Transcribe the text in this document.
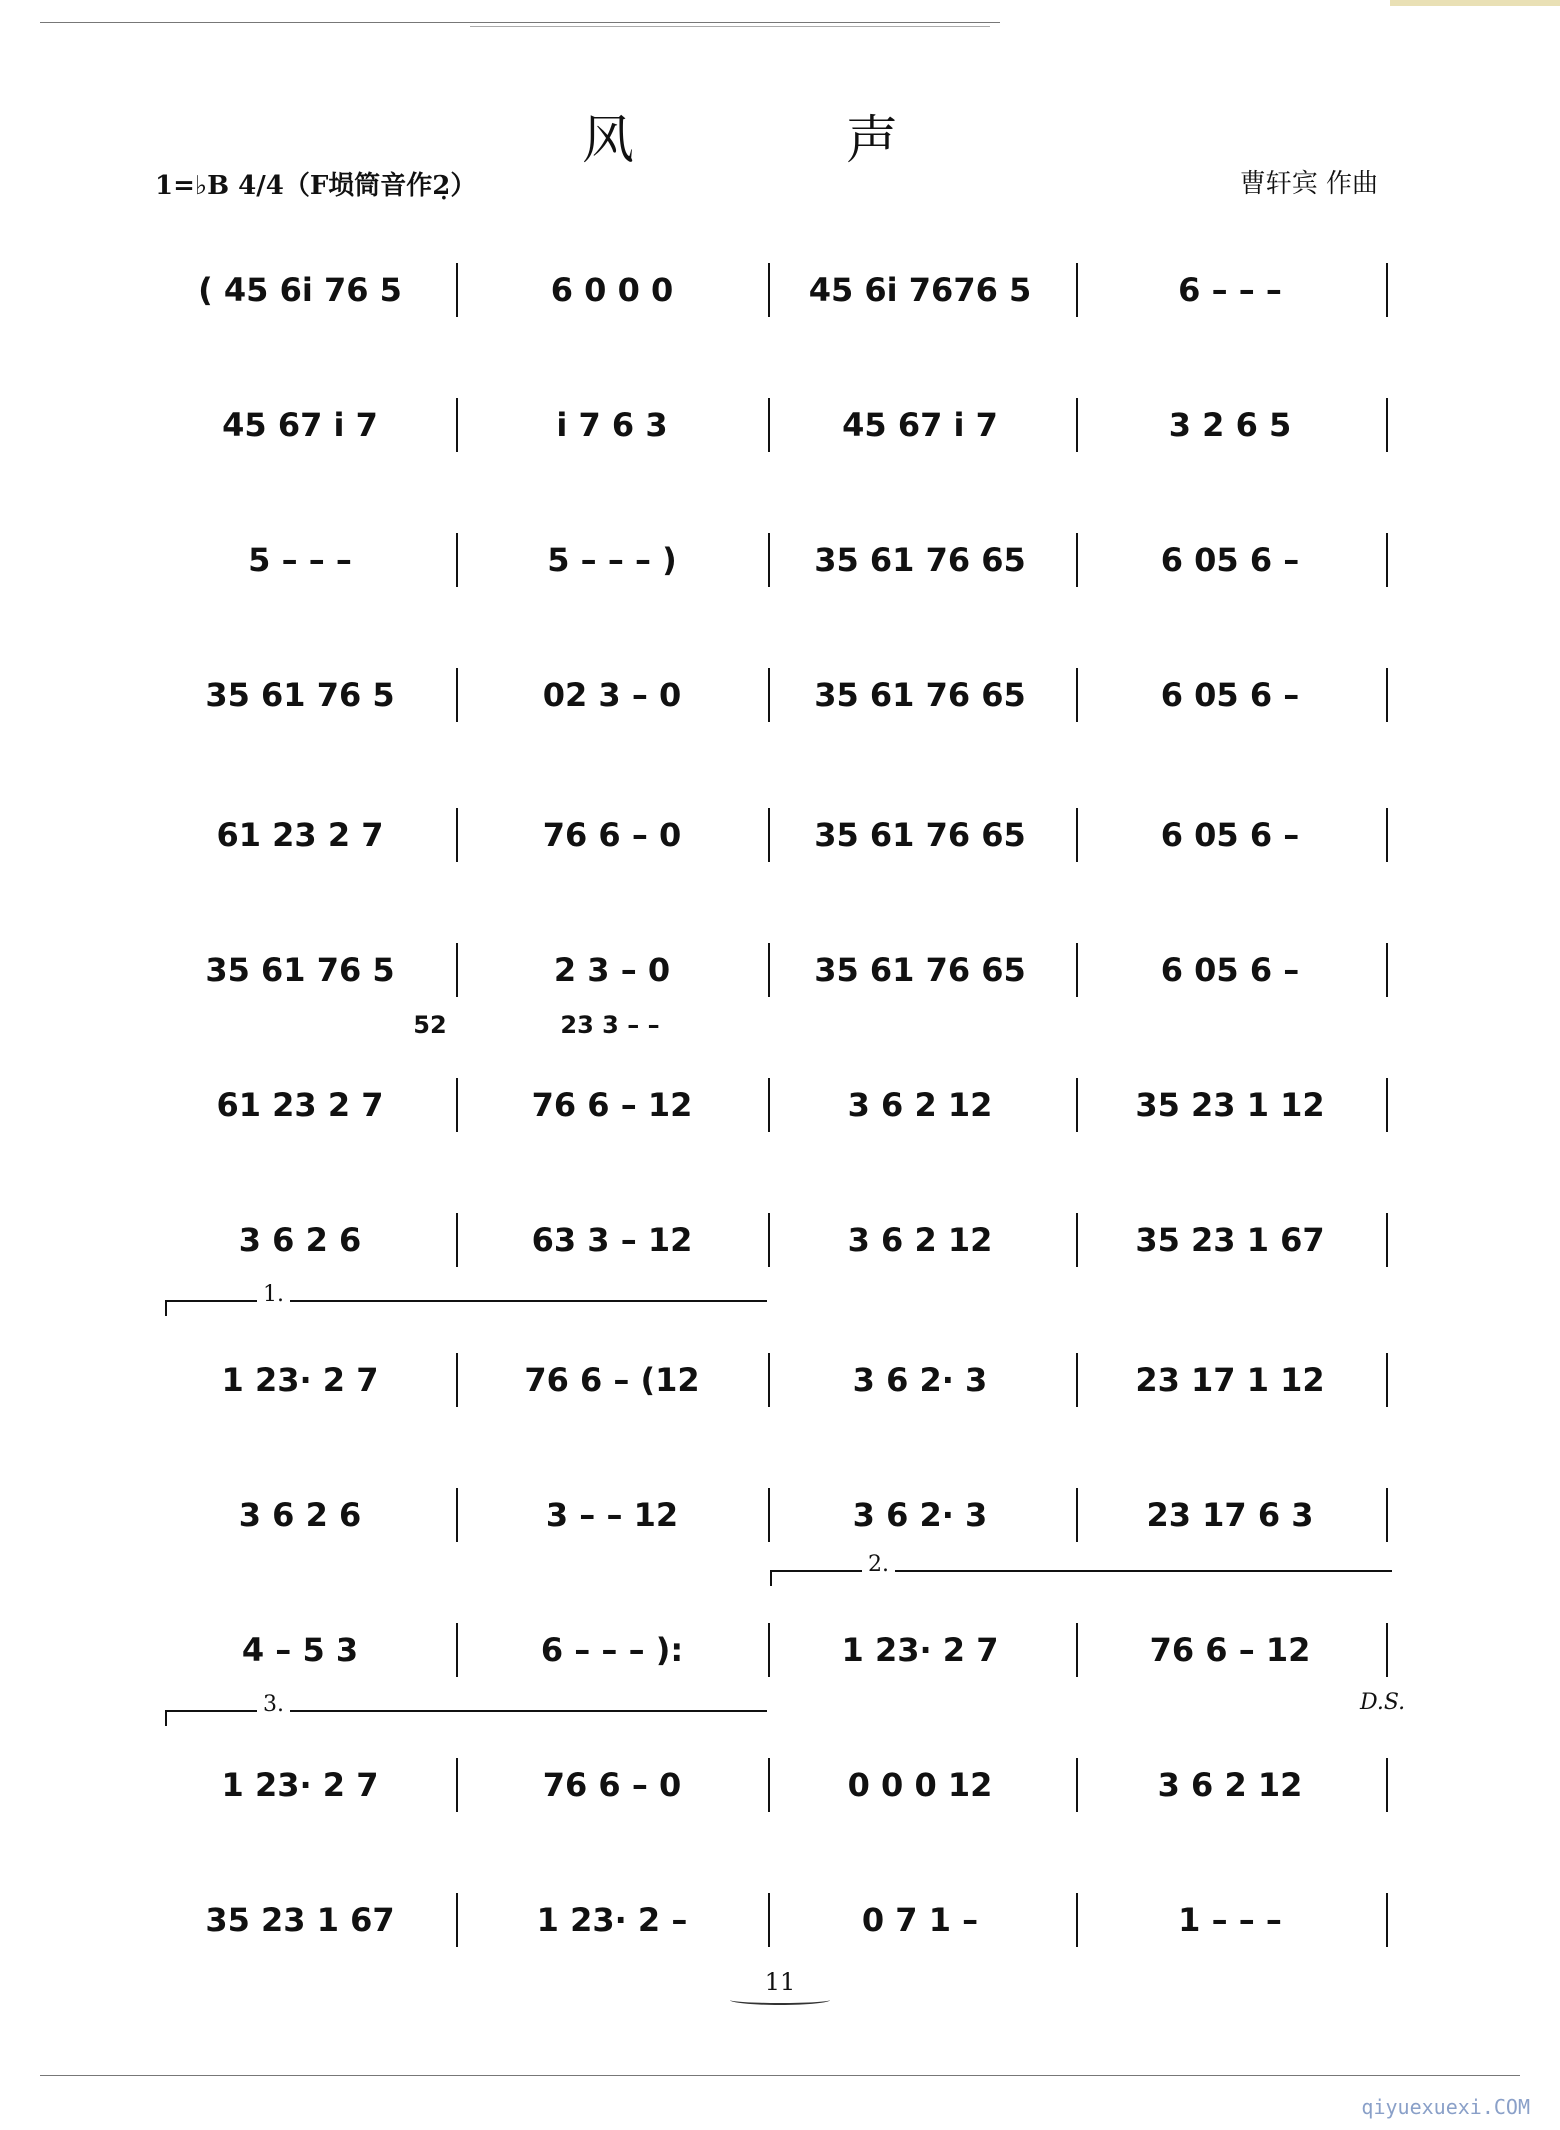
风　声
1=♭B 4/4（F埙筒音作2̣）	曹轩宾 作曲
( 45 6i 76 5	6 0 0 0	45 6i 7676 5	6 – – –
45 67 i 7	i 7 6 3	45 67 i 7	3 2 6 5
5 – – –	5 – – – )	35 61 76 65	6 05 6 –
35 61 76 5	02 3 – 0	35 61 76 65	6 05 6 –
61 23 2 7	76 6 – 0	35 61 76 65	6 05 6 –
35 61 76 5	2 3 – 0	35 61 76 65	6 05 6 –
52	23 3 – –
61 23 2 7	76 6 – 12	3 6 2 12	35 23 1 12
3 6 2 6	63 3 – 12	3 6 2 12	35 23 1 67
1 23· 2 7	76 6 – (12	3 6 2· 3	23 17 1 12
3 6 2 6	3 – – 12	3 6 2· 3	23 17 6 3
4 – 5 3	6 – – – ):	1 23· 2 7	76 6 – 12
1 23· 2 7	76 6 – 0	0 0 0 12	3 6 2 12
35 23 1 67	1 23· 2 –	0 7 1 –	1 – – –
1.
2.
3.	D.S.
11
qiyuexuexi.COM
